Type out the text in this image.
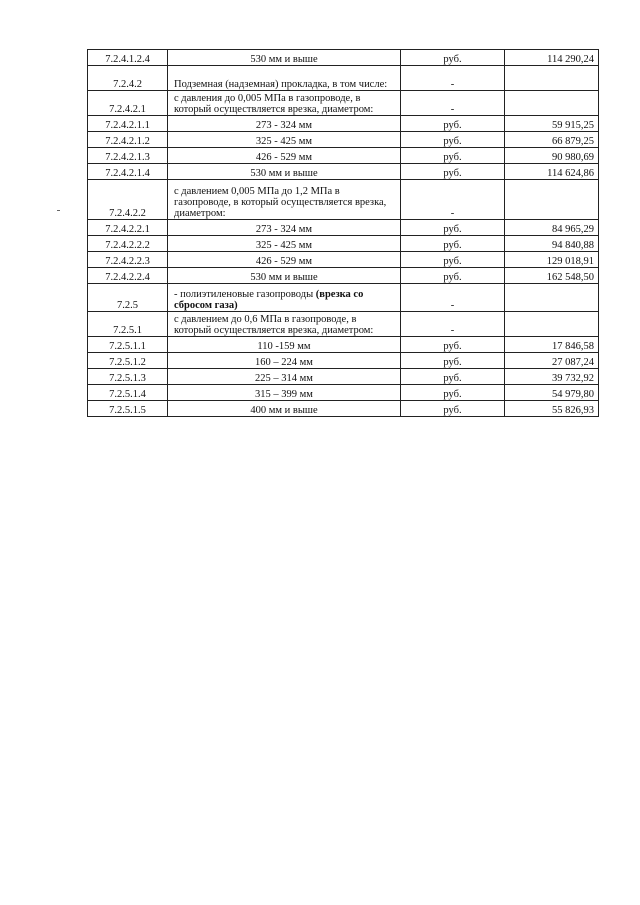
7.2.4.1.2.4	530 мм и выше	руб.	114 290,24
7.2.4.2	Подземная (надземная) прокладка, в том числе:	-	
7.2.4.2.1	с давления до 0,005 МПа в газопроводе, в который осуществляется врезка, диаметром:	-	
7.2.4.2.1.1	273 - 324 мм	руб.	59 915,25
7.2.4.2.1.2	325 - 425 мм	руб.	66 879,25
7.2.4.2.1.3	426 - 529 мм	руб.	90 980,69
7.2.4.2.1.4	530 мм и выше	руб.	114 624,86
7.2.4.2.2	с давлением 0,005 МПа до 1,2 МПа в газопроводе, в который осуществляется врезка, диаметром:	-	
7.2.4.2.2.1	273 - 324 мм	руб.	84 965,29
7.2.4.2.2.2	325 - 425 мм	руб.	94 840,88
7.2.4.2.2.3	426 - 529 мм	руб.	129 018,91
7.2.4.2.2.4	530 мм и выше	руб.	162 548,50
7.2.5	- полиэтиленовые газопроводы (врезка со сбросом газа)	-	
7.2.5.1	с давлением до 0,6 МПа в газопроводе, в который осуществляется врезка, диаметром:	-	
7.2.5.1.1	110 -159 мм	руб.	17 846,58
7.2.5.1.2	160 – 224 мм	руб.	27 087,24
7.2.5.1.3	225 – 314 мм	руб.	39 732,92
7.2.5.1.4	315 – 399 мм	руб.	54 979,80
7.2.5.1.5	400 мм и выше	руб.	55 826,93
